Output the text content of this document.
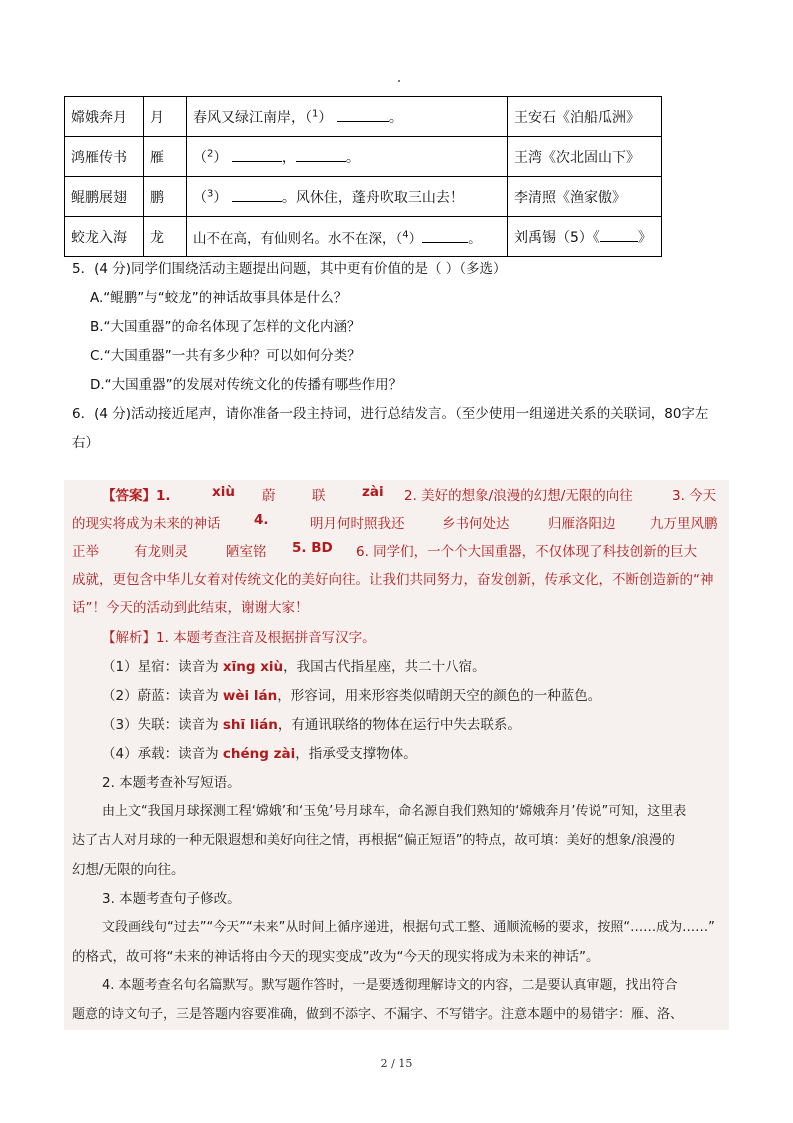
嫦娥奔月	月	春风又绿江南岸，（$^1$） 。	王安石《泊船瓜洲》
鸿雁传书	雁	（$^2$） ， 。	王湾《次北固山下》
鲲鹏展翅	鹏	（$^3$） 。风休住，蓬舟吹取三山去！	李清照《渔家傲》
蛟龙入海	龙	山不在高，有仙则名。水不在深，（$^4$） 。	刘禹锡（5）《 》
5．(4 分)同学们围绕活动主题提出问题，其中更有价值的是（ ）（多选）
A.“鲲鹏”与“蛟龙”的神话故事具体是什么？
B.“大国重器”的命名体现了怎样的文化内涵？
C.“大国重器”一共有多少种？可以如何分类？
D.“大国重器”的发展对传统文化的传播有哪些作用？
6．(4 分)活动接近尾声，请你准备一段主持词，进行总结发言。（至少使用一组递进关系的关联词，80字左
右）
【答案】1.	xiù 蔚	联	zài 2. 美好的想象/浪漫的幻想/无限的向往	3. 今天
的现实将成为未来的神话 4.	明月何时照我还	乡书何处达	归雁洛阳边	九万里风鹏
正举	有龙则灵	陋室铭 5. BD 6. 同学们，一个个大国重器，不仅体现了科技创新的巨大
成就，更包含中华儿女着对传统文化的美好向往。让我们共同努力，奋发创新，传承文化，不断创造新的“神
话”！今天的活动到此结束，谢谢大家！
【解析】1. 本题考查注音及根据拼音写汉字。
（1）星宿：读音为 xīng xiù，我国古代指星座，共二十八宿。
（2）蔚蓝：读音为 wèi lán，形容词，用来形容类似晴朗天空的颜色的一种蓝色。
（3）失联：读音为 shī lián，有通讯联络的物体在运行中失去联系。
（4）承载：读音为 chéng zài，指承受支撑物体。
2. 本题考查补写短语。
由上文“我国月球探测工程‘嫦娥’和‘玉兔’号月球车，命名源自我们熟知的‘嫦娥奔月’传说”可知，这里表
达了古人对月球的一种无限遐想和美好向往之情，再根据“偏正短语”的特点，故可填：美好的想象/浪漫的
幻想/无限的向往。
3. 本题考查句子修改。
文段画线句“过去”“今天”“未来”从时间上循序递进，根据句式工整、通顺流畅的要求，按照“……成为……”
的格式，故可将“未来的神话将由今天的现实变成”改为“今天的现实将成为未来的神话”。
4. 本题考查名句名篇默写。默写题作答时，一是要透彻理解诗文的内容，二是要认真审题，找出符合
题意的诗文句子，三是答题内容要准确，做到不添字、不漏字、不写错字。注意本题中的易错字：雁、洛、
2 / 15
